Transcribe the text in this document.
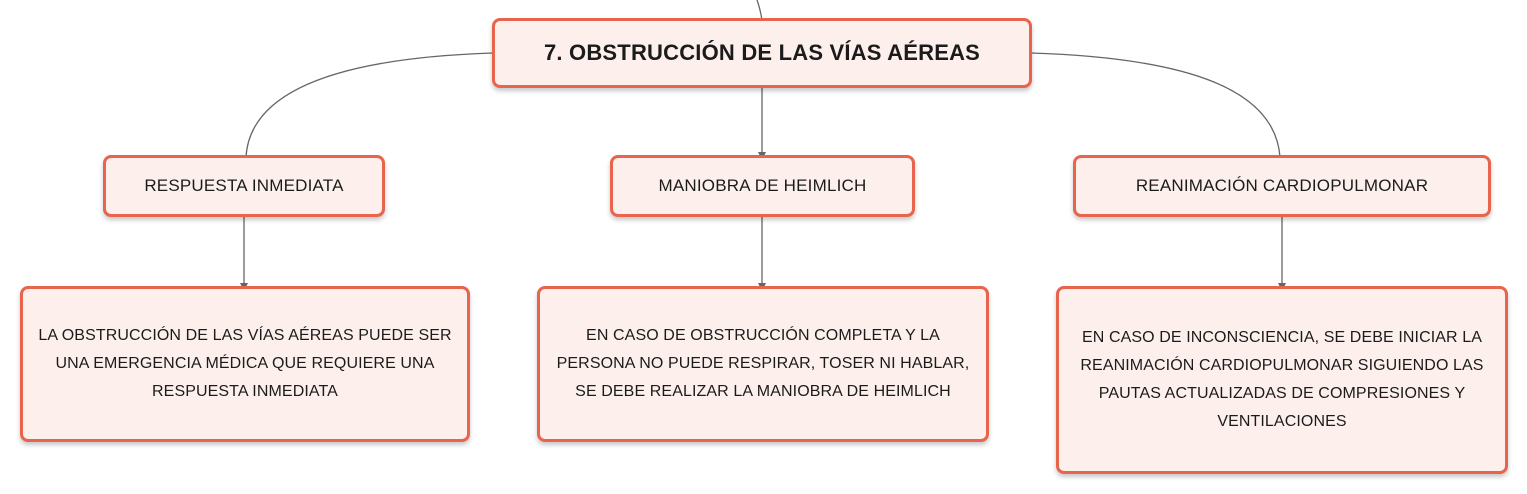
7. OBSTRUCCIÓN DE LAS VÍAS AÉREAS
RESPUESTA INMEDIATA	MANIOBRA DE HEIMLICH	REANIMACIÓN CARDIOPULMONAR
LA OBSTRUCCIÓN DE LAS VÍAS AÉREAS PUEDE SER
UNA EMERGENCIA MÉDICA QUE REQUIERE UNA
RESPUESTA INMEDIATA
EN CASO DE OBSTRUCCIÓN COMPLETA Y LA
PERSONA NO PUEDE RESPIRAR, TOSER NI HABLAR,
SE DEBE REALIZAR LA MANIOBRA DE HEIMLICH
EN CASO DE INCONSCIENCIA, SE DEBE INICIAR LA
REANIMACIÓN CARDIOPULMONAR SIGUIENDO LAS
PAUTAS ACTUALIZADAS DE COMPRESIONES Y
VENTILACIONES
